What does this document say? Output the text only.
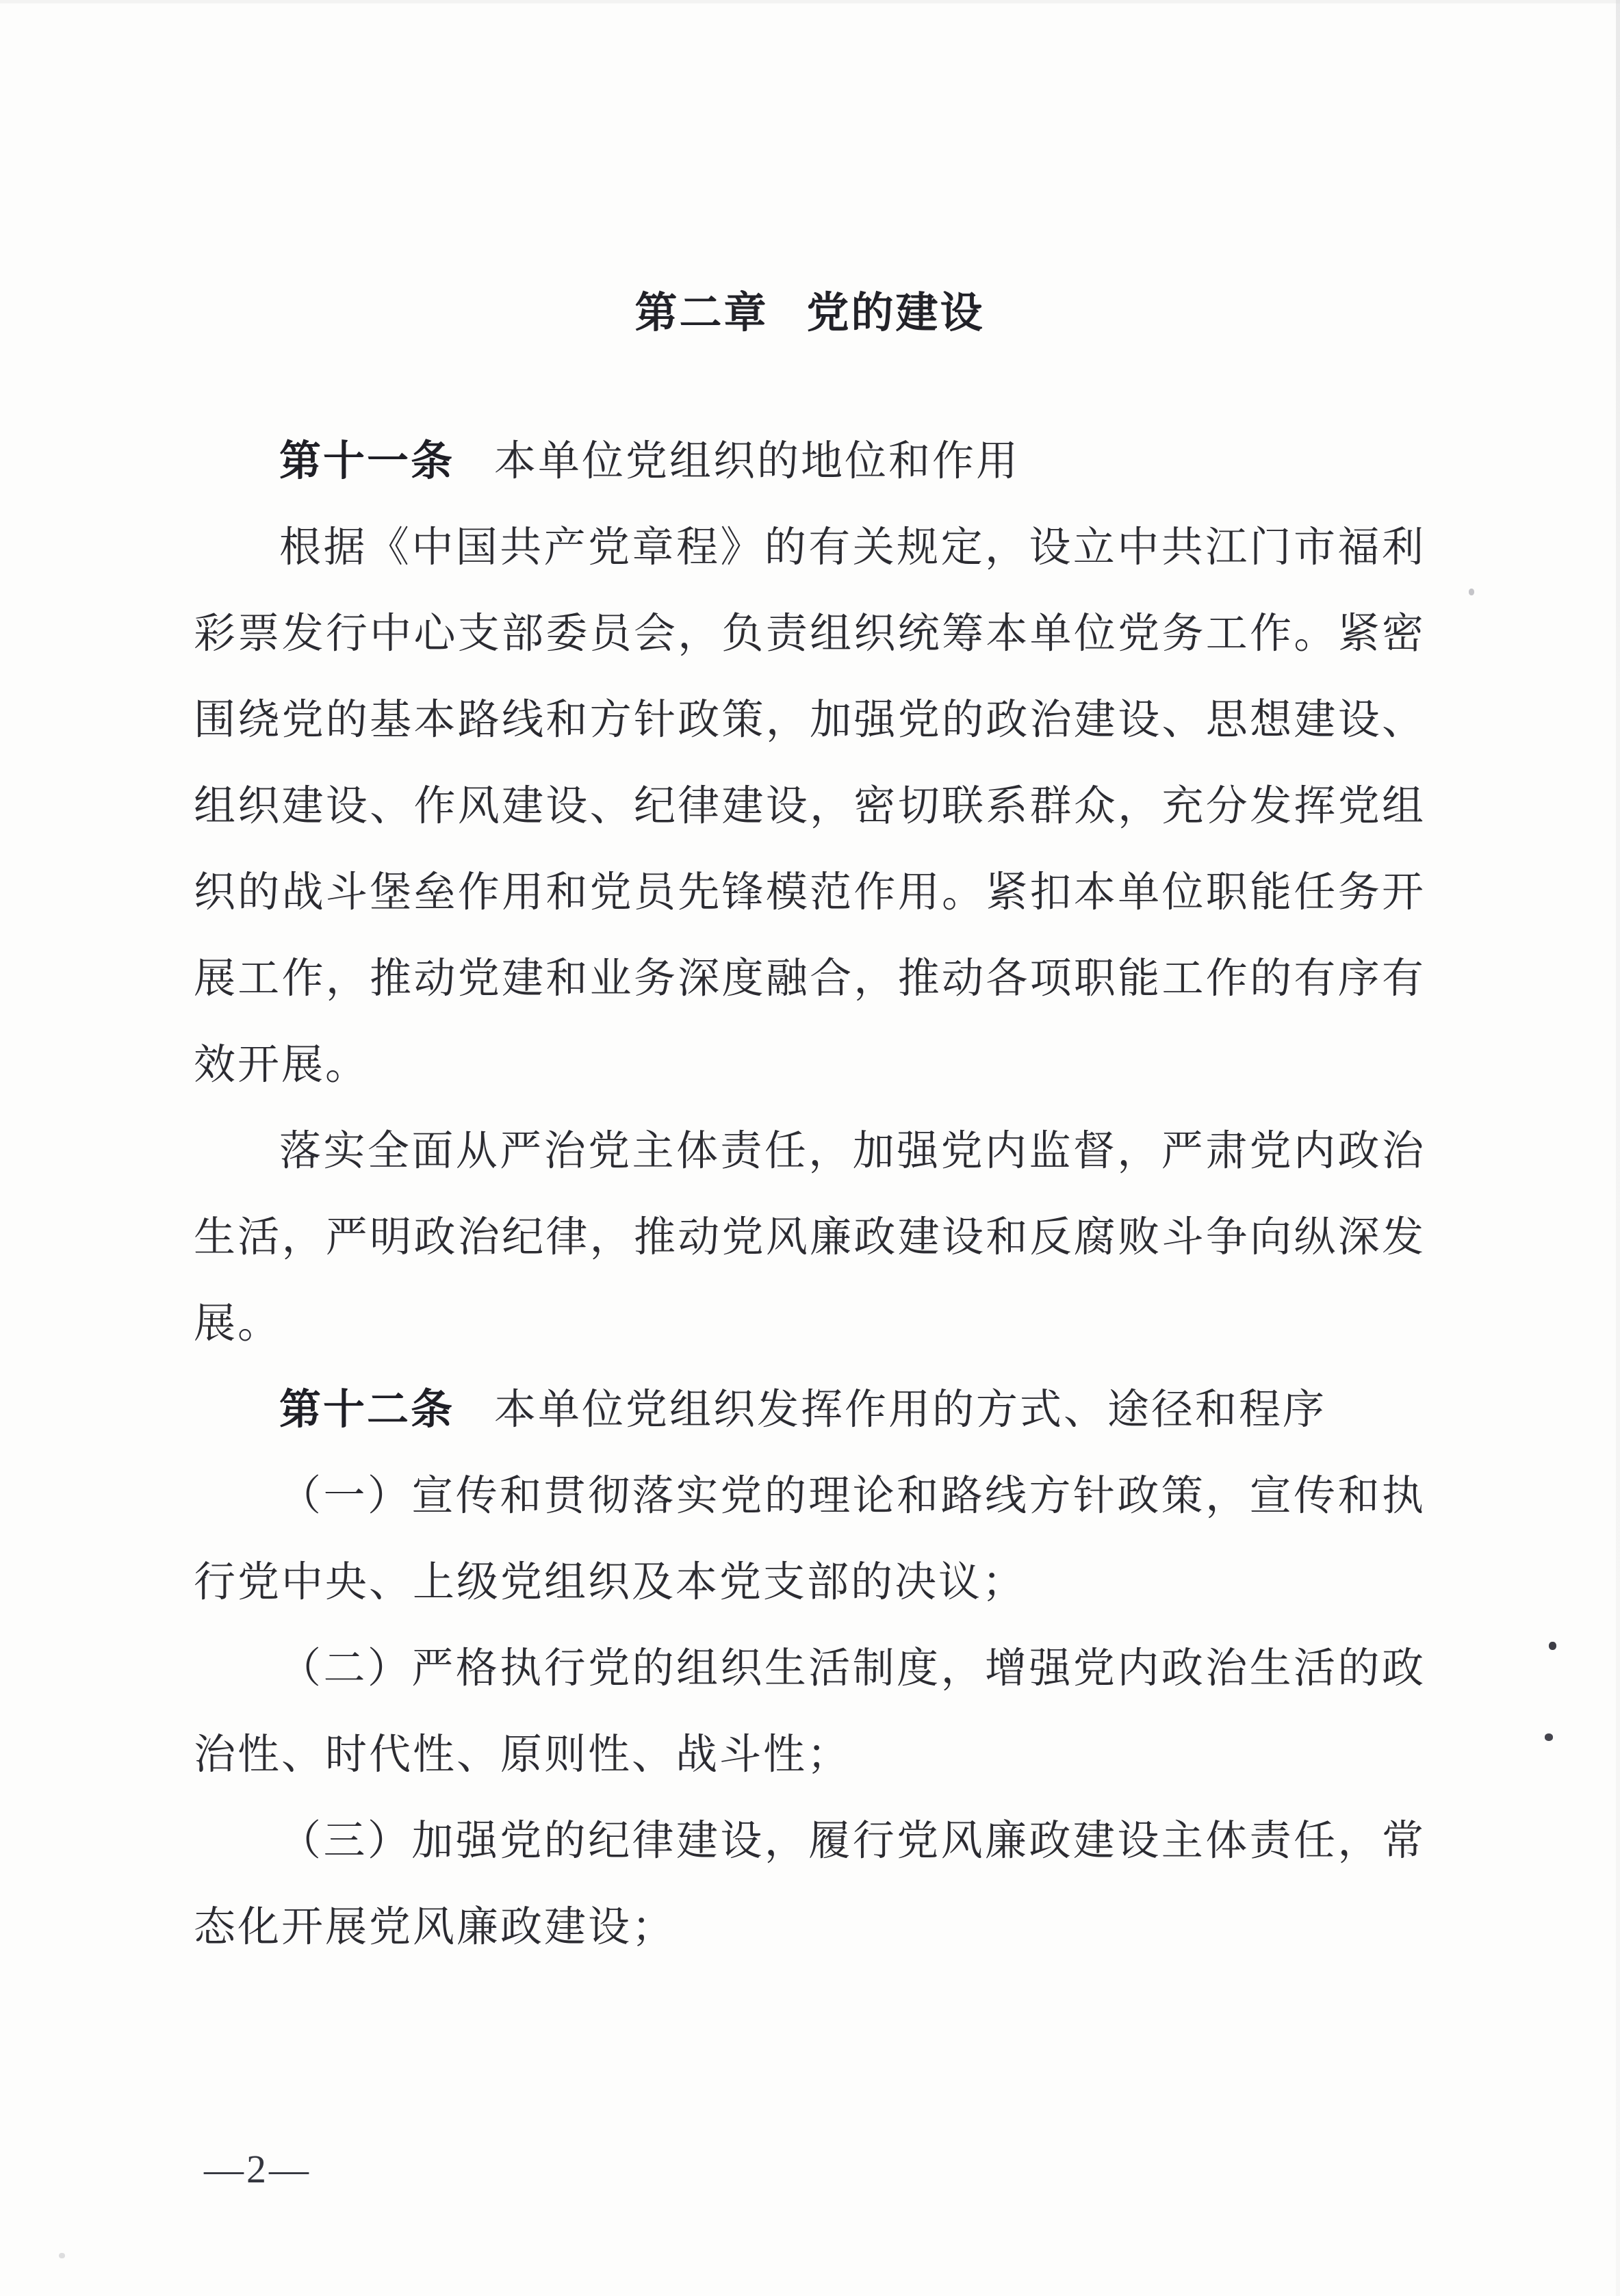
第二章 党的建设

第十一条 本单位党组织的地位和作用

根据《中国共产党章程》的有关规定，设立中共江门市福利彩票发行中心支部委员会，负责组织统筹本单位党务工作。紧密围绕党的基本路线和方针政策，加强党的政治建设、思想建设、组织建设、作风建设、纪律建设，密切联系群众，充分发挥党组织的战斗堡垒作用和党员先锋模范作用。紧扣本单位职能任务开展工作，推动党建和业务深度融合，推动各项职能工作的有序有效开展。

落实全面从严治党主体责任，加强党内监督，严肃党内政治生活，严明政治纪律，推动党风廉政建设和反腐败斗争向纵深发展。

第十二条 本单位党组织发挥作用的方式、途径和程序

（一）宣传和贯彻落实党的理论和路线方针政策，宣传和执行党中央、上级党组织及本党支部的决议；

（二）严格执行党的组织生活制度，增强党内政治生活的政治性、时代性、原则性、战斗性；

（三）加强党的纪律建设，履行党风廉政建设主体责任，常态化开展党风廉政建设；

—2—
